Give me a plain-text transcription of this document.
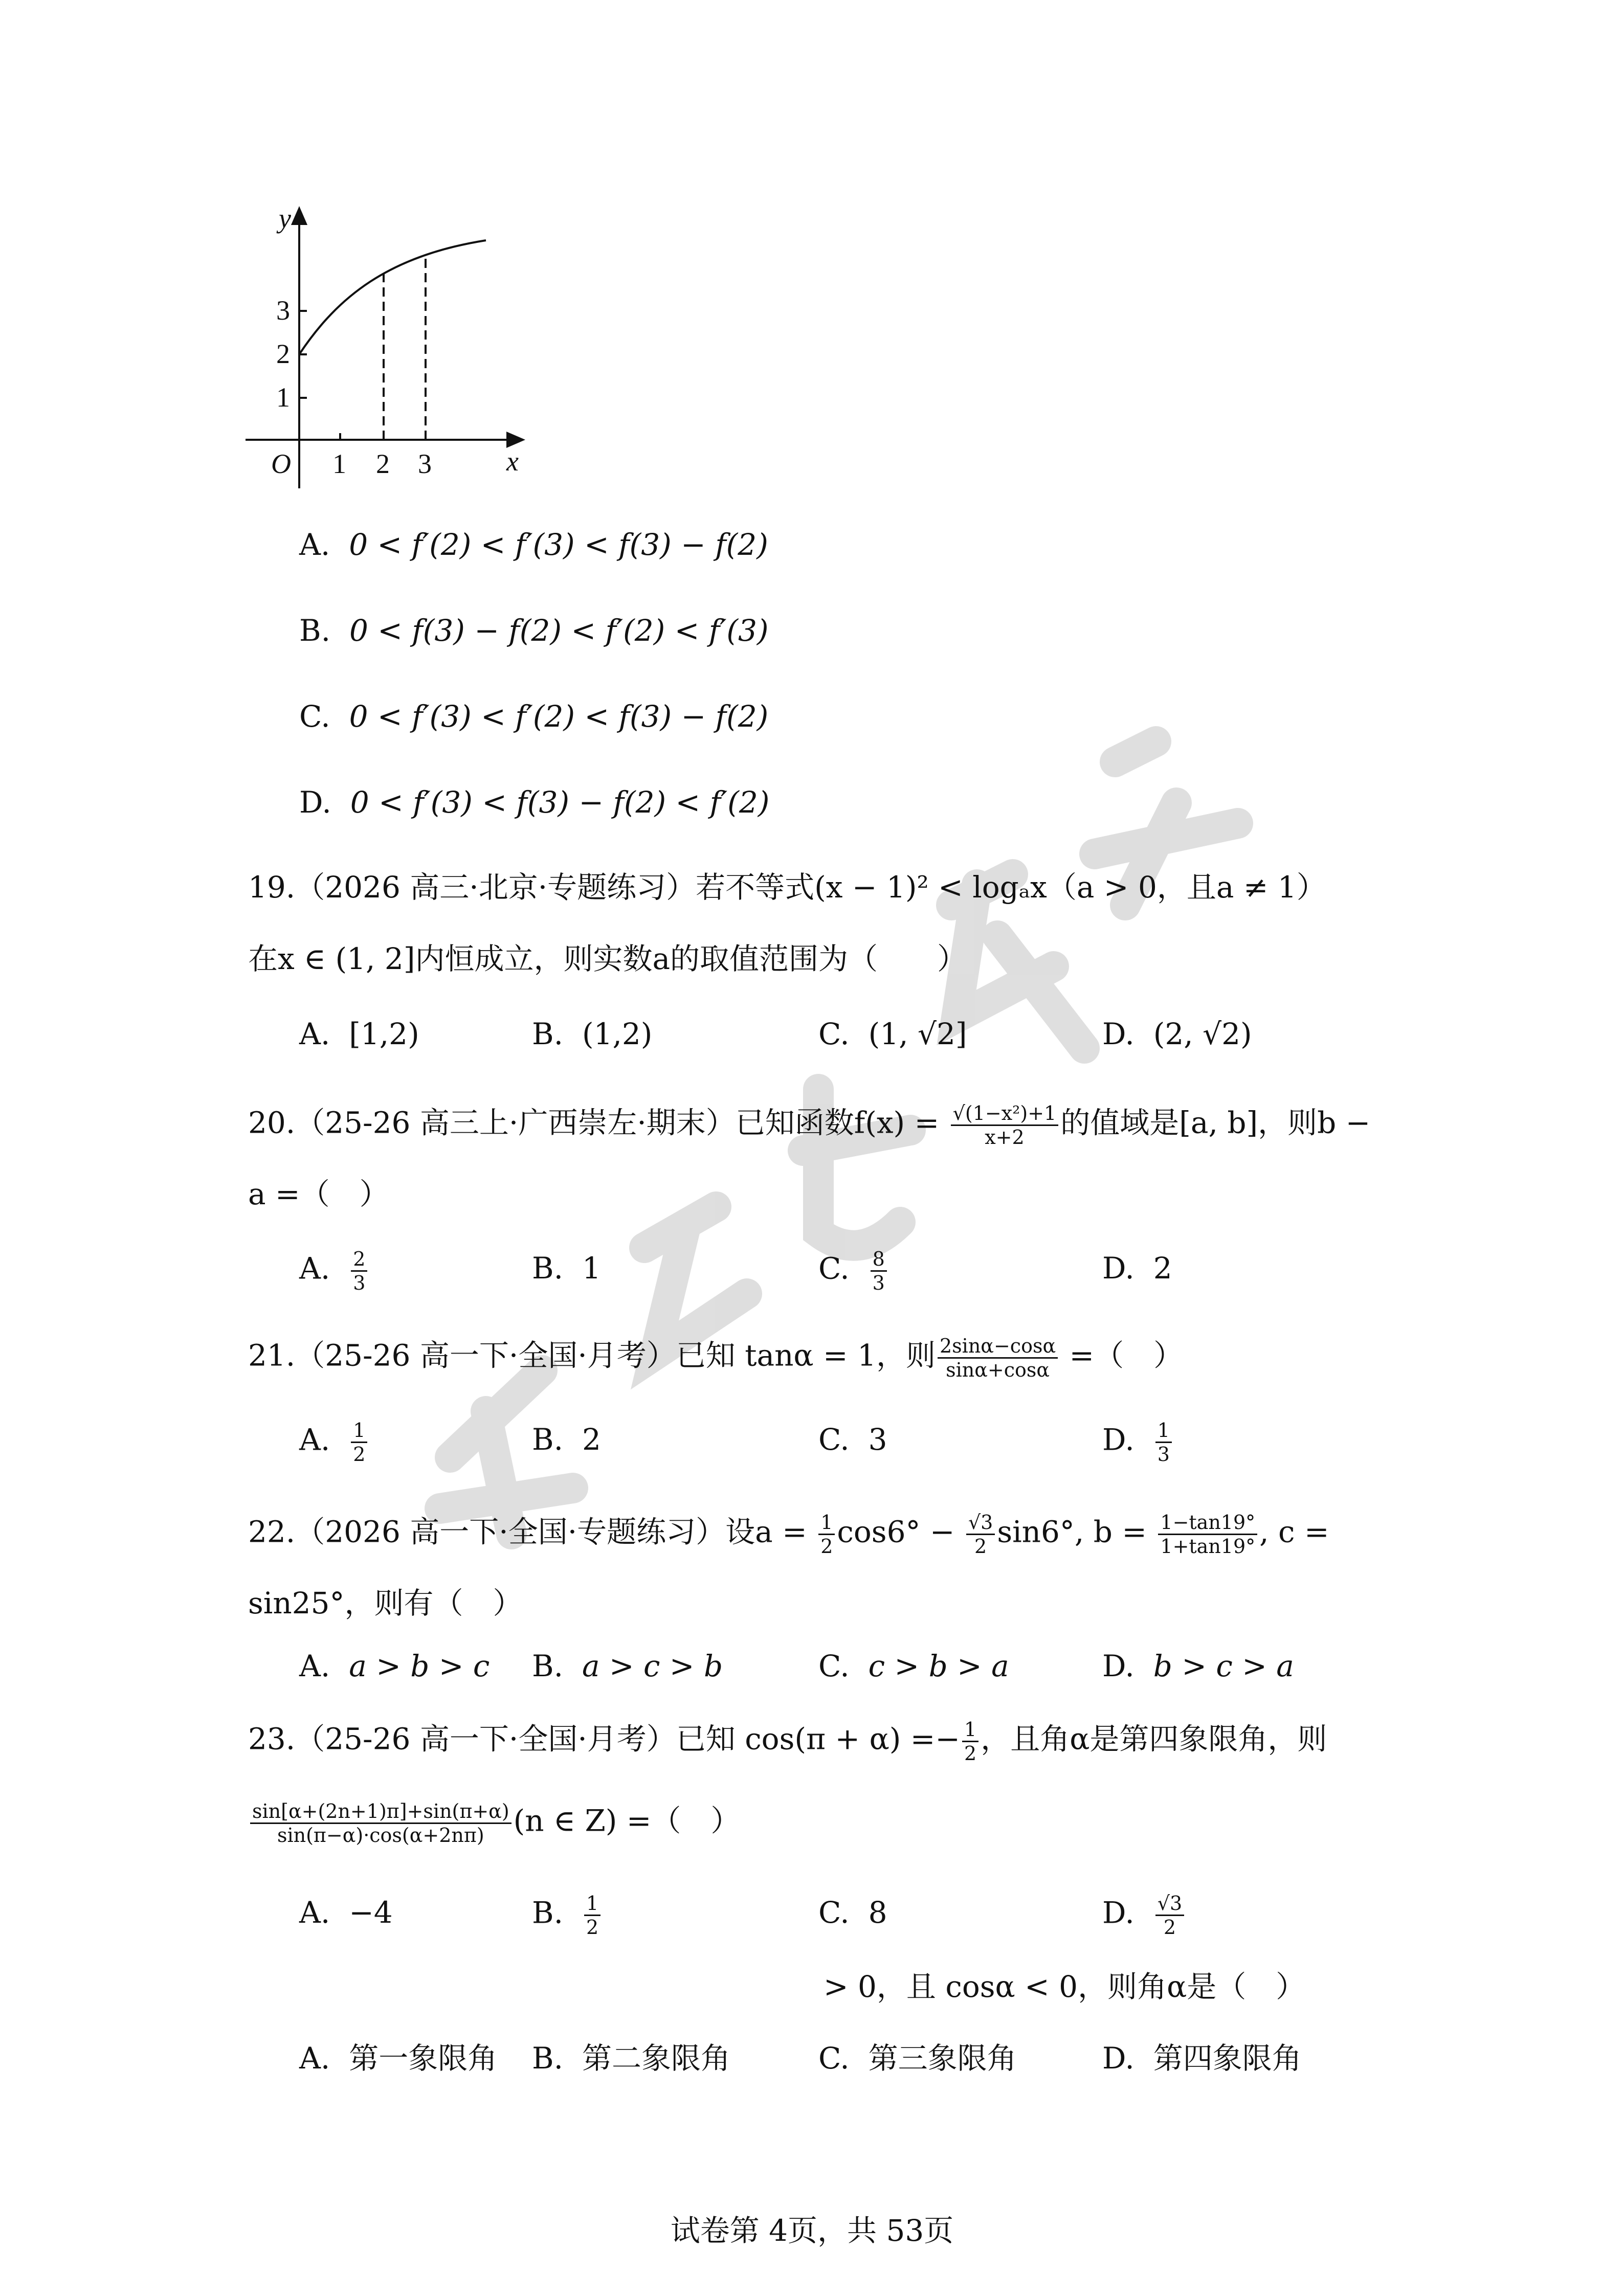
y
x
O
1
2
3
1 2 3
A. 0 < f′(2) < f′(3) < f(3) − f(2)
B. 0 < f(3) − f(2) < f′(2) < f′(3)
C. 0 < f′(3) < f′(2) < f(3) − f(2)
D. 0 < f′(3) < f(3) − f(2) < f′(2)
19.（2026 高三·北京·专题练习）若不等式(x − 1)² < logₐx（a > 0，且a ≠ 1）
在x ∈ (1, 2]内恒成立，则实数a的取值范围为（　　）
A. [1,2)	B. (1,2)	C. (1, √2]	D. (2, √2)
20.（25-26 高三上·广西崇左·期末）已知函数$f(x) = \frac{\text{√(1−x²)+1}}{x+2}$ 的值域是[a, b]，则b −
a =（　）
A. $\frac{2}{3}$	B. 1	C. $\frac{8}{3}$	D. 2
21.（25-26 高一下·全国·月考）已知 tanα = 1，则 $\frac{2\sin\alpha-\cos\alpha}{\sin\alpha+\cos\alpha}$ =（　）
A. $\frac{1}{2}$	B. 2	C. 3	D. $\frac{1}{3}$
22.（2026 高一下·全国·专题练习）设$a = \frac{1}{2} \cos 6^\circ - \frac{√3}{2} \sin 6^\circ$, $b = \frac{1-\tan 19^\circ}{1+\tan 19^\circ}$ , c =
sin25°，则有（　）
A. a > b > c B. a > c > b	C. c > b > a	D. b > c > a
23.（25-26 高一下·全国·月考）已知 $\cos(\pi + \alpha) =- \frac{1}{2}$ ，且角α是第四象限角，则
$\frac{\sin[\alpha+(2n+1)\pi]+\sin(\pi+\alpha)}{\sin(\pi-\alpha)\cdot\cos(\alpha+2n\pi)} (n$ ∈ Z) =（　）
A. −4	B. $\frac{1}{2}$	C. 8	D. $\frac{√3}{2}$
> 0，且 cosα < 0，则角α是（　）
A. 第一象限角 B. 第二象限角	C. 第三象限角	D. 第四象限角
试卷第 4页，共 53页
